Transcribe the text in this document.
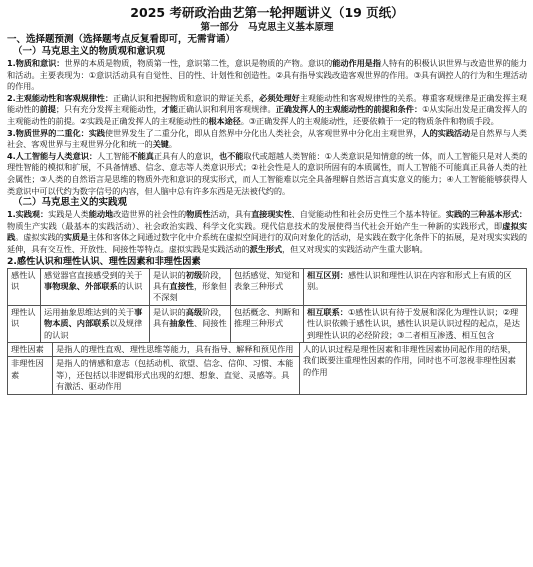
2025 考研政治曲艺第一轮押题讲义（19 页纸）
第一部分　马克思主义基本原理
一、选择题预测（选择题考点反复看即可，无需背诵）
（一）马克思主义的物质观和意识观

1.物质和意识：世界的本质是物质，物质第一性，意识第二性，意识是物质的产物。意识的能动作用是指人特有的积极认识世界与改造世界的能力和活动。主要表现为：①意识活动具有自觉性、目的性、计划性和创造性。②具有指导实践改造客观世界的作用。③具有调控人的行为和生理活动的作用。

2.主观能动性和客观规律性：正确认识和把握物质和意识的辩证关系，必须处理好主观能动性和客观规律性的关系。尊重客观规律是正确发挥主观能动性的前提；只有充分发挥主观能动性，才能正确认识和利用客观规律。正确发挥人的主观能动性的前提和条件：①从实际出发是正确发挥人的主观能动性的前提。②实践是正确发挥人的主观能动性的根本途径。③正确发挥人的主观能动性，还要依赖于一定的物质条件和物质手段。

3.物质世界的二重化：实践使世界发生了二重分化，即从自然界中分化出人类社会，从客观世界中分化出主观世界，人的实践活动是自然界与人类社会、客观世界与主观世界分化和统一的关键。

4.人工智能与人类意识：人工智能不能真正具有人的意识，也不能取代或超越人类智能：①人类意识是知情意的统一体，而人工智能只是对人类的理性智能的模拟和扩展，不具备情感、信念、意志等人类意识形式；②社会性是人的意识所固有的本质属性，而人工智能不可能真正具备人类的社会属性；③人类的自然语言是思维的物质外壳和意识的现实形式，而人工智能难以完全具备理解自然语言真实意义的能力；④人工智能能够获得人类意识中可以代约为数字信号的内容，但人脑中总有许多东西是无法被代约的。

（二）马克思主义的实践观

1.实践观：实践是人类能动地改造世界的社会性的物质性活动，具有直接现实性、自觉能动性和社会历史性三个基本特征。实践的三种基本形式：物质生产实践（最基本的实践活动）、社会政治实践、科学文化实践。现代信息技术的发展使得当代社会开始产生一种新的实践形式，即虚拟实践。虚拟实践的实质是主体和客体之间通过数字化中介系统在虚拟空间进行的双向对象化的活动，是实践在数字化条件下的拓展，是对现实实践的延伸，具有交互性、开放性、间接性等特点。虚拟实践是实践活动的派生形式，但又对现实的实践活动产生重大影响。

2.感性认识和理性认识、理性因素和非理性因素
感性认识	感觉器官直接感受到的关于事物现象、外部联系的认识	是认识的初级阶段，具有直接性，形象但不深刻	包括感觉、知觉和表象三种形式	相互区别：感性认识和理性认识在内容和形式上有质的区别。
理性认识	运用抽象思维达到的关于事物本质、内部联系以及规律的认识	是认识的高级阶段，具有抽象性、间接性	包括概念、判断和推理三种形式	相互联系：①感性认识有待于发展和深化为理性认识；②理性认识依赖于感性认识，感性认识是认识过程的起点，是达到理性认识的必经阶段；③二者相互渗透、相互包含
理性因素	是指人的理性直观、理性思维等能力，具有指导、解释和预见作用	人的认识过程是理性因素和非理性因素协同起作用的结果，我们既要注重理性因素的作用，同时也不可忽视非理性因素的作用
非理性因素	是指人的情感和意志（包括动机、欲望、信念、信仰、习惯、本能等），还包括以非逻辑形式出现的幻想、想象、直觉、灵感等。具有激活、驱动作用	
